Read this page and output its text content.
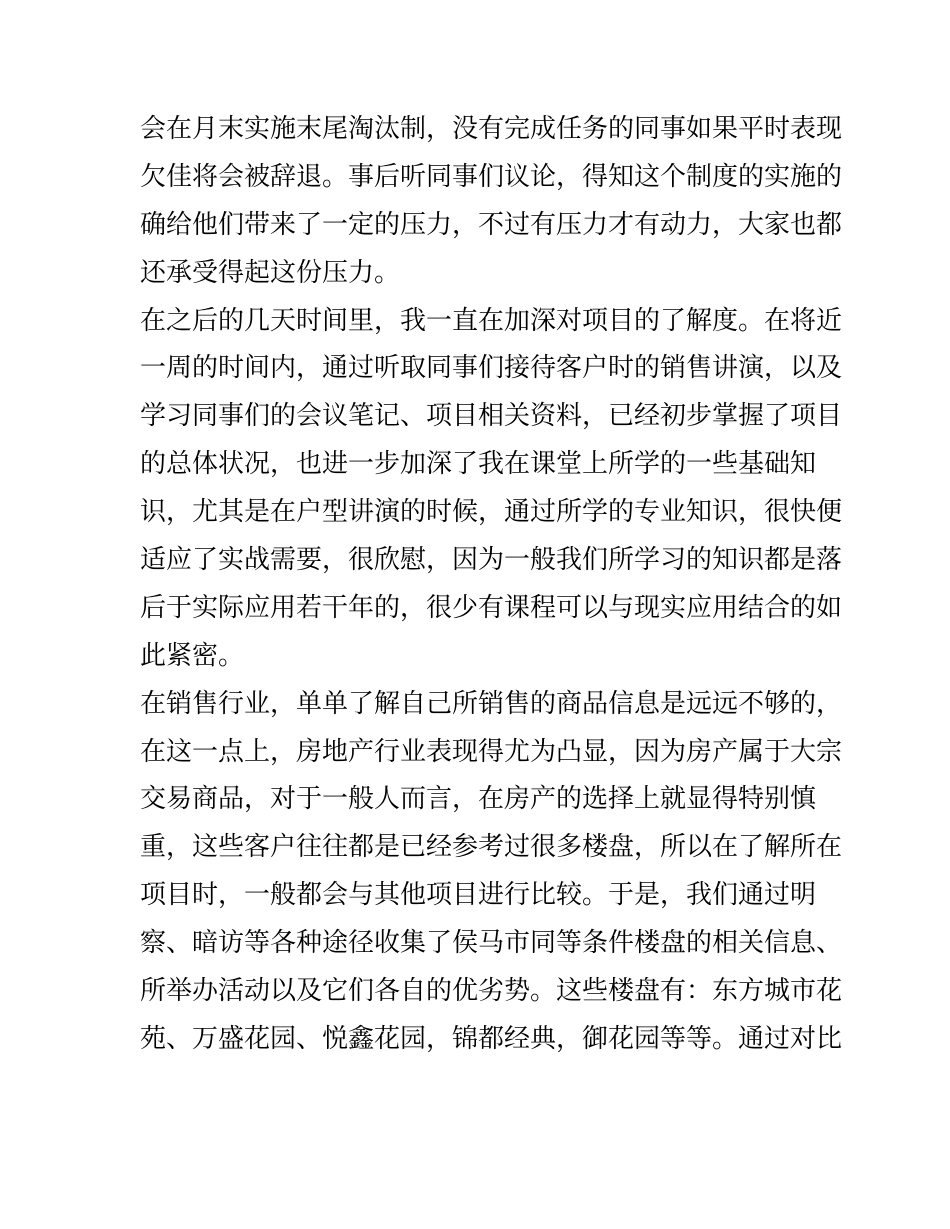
会在月末实施末尾淘汰制，没有完成任务的同事如果平时表现
欠佳将会被辞退。事后听同事们议论，得知这个制度的实施的
确给他们带来了一定的压力，不过有压力才有动力，大家也都
还承受得起这份压力。
在之后的几天时间里，我一直在加深对项目的了解度。在将近
一周的时间内，通过听取同事们接待客户时的销售讲演，以及
学习同事们的会议笔记、项目相关资料，已经初步掌握了项目
的总体状况，也进一步加深了我在课堂上所学的一些基础知
识，尤其是在户型讲演的时候，通过所学的专业知识，很快便
适应了实战需要，很欣慰，因为一般我们所学习的知识都是落
后于实际应用若干年的，很少有课程可以与现实应用结合的如
此紧密。
在销售行业，单单了解自己所销售的商品信息是远远不够的，
在这一点上，房地产行业表现得尤为凸显，因为房产属于大宗
交易商品，对于一般人而言，在房产的选择上就显得特别慎
重，这些客户往往都是已经参考过很多楼盘，所以在了解所在
项目时，一般都会与其他项目进行比较。于是，我们通过明
察、暗访等各种途径收集了侯马市同等条件楼盘的相关信息、
所举办活动以及它们各自的优劣势。这些楼盘有：东方城市花
苑、万盛花园、悦鑫花园，锦都经典，御花园等等。通过对比
